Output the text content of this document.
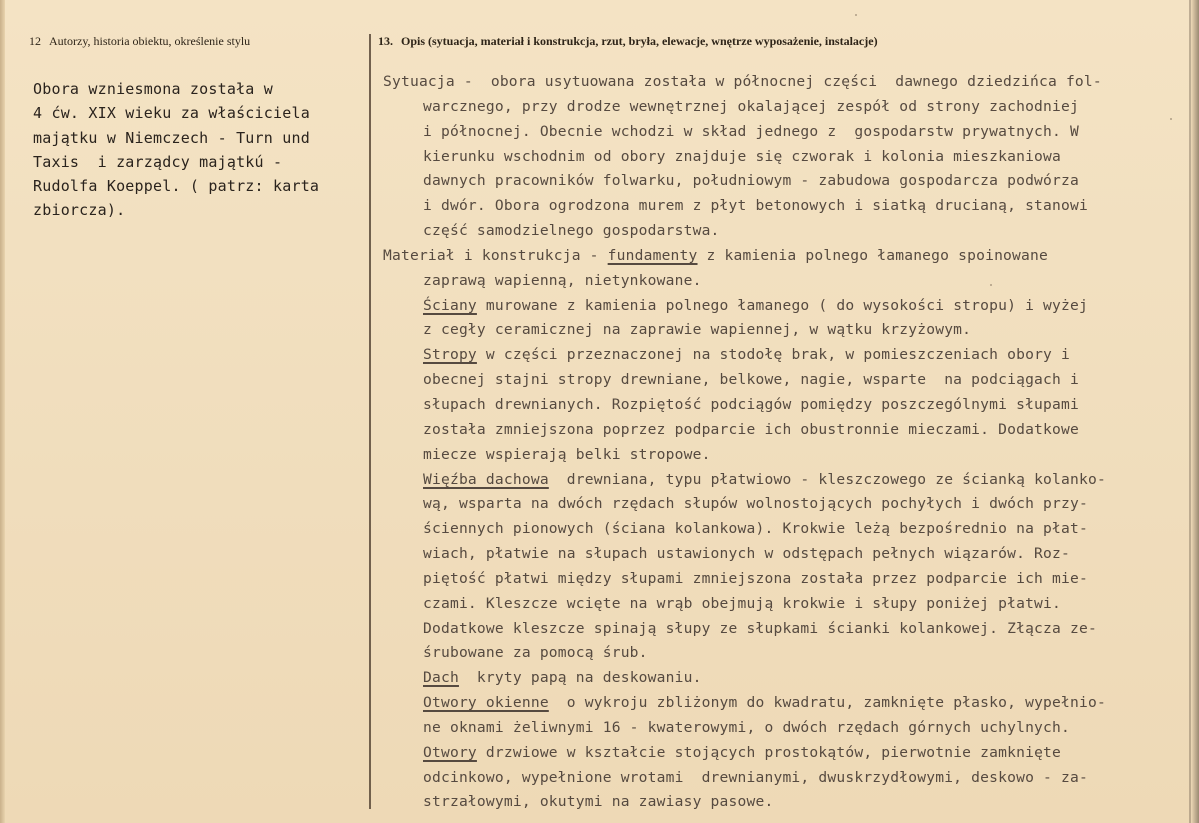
12 Autorzy, historia obiektu, określenie stylu	13. Opis (sytuacja, materiał i konstrukcja, rzut, bryła, elewacje, wnętrze wyposażenie, instalacje)
Obora wzniesmona została w
4 ćw. XIX wieku za właściciela
majątku w Niemczech - Turn und
Taxis  i zarządcy majątkú -
Rudolfa Koeppel. ( patrz: karta
zbiorcza).
Sytuacja -  obora usytuowana została w północnej części  dawnego dziedzińca fol-
warcznego, przy drodze wewnętrznej okalającej zespół od strony zachodniej
i północnej. Obecnie wchodzi w skład jednego z  gospodarstw prywatnych. W
kierunku wschodnim od obory znajduje się czworak i kolonia mieszkaniowa
dawnych pracowników folwarku, południowym - zabudowa gospodarcza podwórza
i dwór. Obora ogrodzona murem z płyt betonowych i siatką drucianą, stanowi
część samodzielnego gospodarstwa.
Materiał i konstrukcja - fundamenty z kamienia polnego łamanego spoinowane
zaprawą wapienną, nietynkowane.
Ściany murowane z kamienia polnego łamanego ( do wysokości stropu) i wyżej
z cegły ceramicznej na zaprawie wapiennej, w wątku krzyżowym.
Stropy w części przeznaczonej na stodołę brak, w pomieszczeniach obory i
obecnej stajni stropy drewniane, belkowe, nagie, wsparte  na podciągach i
słupach drewnianych. Rozpiętość podciągów pomiędzy poszczególnymi słupami
została zmniejszona poprzez podparcie ich obustronnie mieczami. Dodatkowe
miecze wspierają belki stropowe.
Więźba dachowa  drewniana, typu płatwiowo - kleszczowego ze ścianką kolanko-
wą, wsparta na dwóch rzędach słupów wolnostojących pochyłych i dwóch przy-
ściennych pionowych (ściana kolankowa). Krokwie leżą bezpośrednio na płat-
wiach, płatwie na słupach ustawionych w odstępach pełnych wiązarów. Roz-
piętość płatwi między słupami zmniejszona została przez podparcie ich mie-
czami. Kleszcze wcięte na wrąb obejmują krokwie i słupy poniżej płatwi.
Dodatkowe kleszcze spinają słupy ze słupkami ścianki kolankowej. Złącza ze-
śrubowane za pomocą śrub.
Dach  kryty papą na deskowaniu.
Otwory okienne  o wykroju zbliżonym do kwadratu, zamknięte płasko, wypełnio-
ne oknami żeliwnymi 16 - kwaterowymi, o dwóch rzędach górnych uchylnych.
Otwory drzwiowe w kształcie stojących prostokątów, pierwotnie zamknięte
odcinkowo, wypełnione wrotami  drewnianymi, dwuskrzydłowymi, deskowo - za-
strzałowymi, okutymi na zawiasy pasowe.
